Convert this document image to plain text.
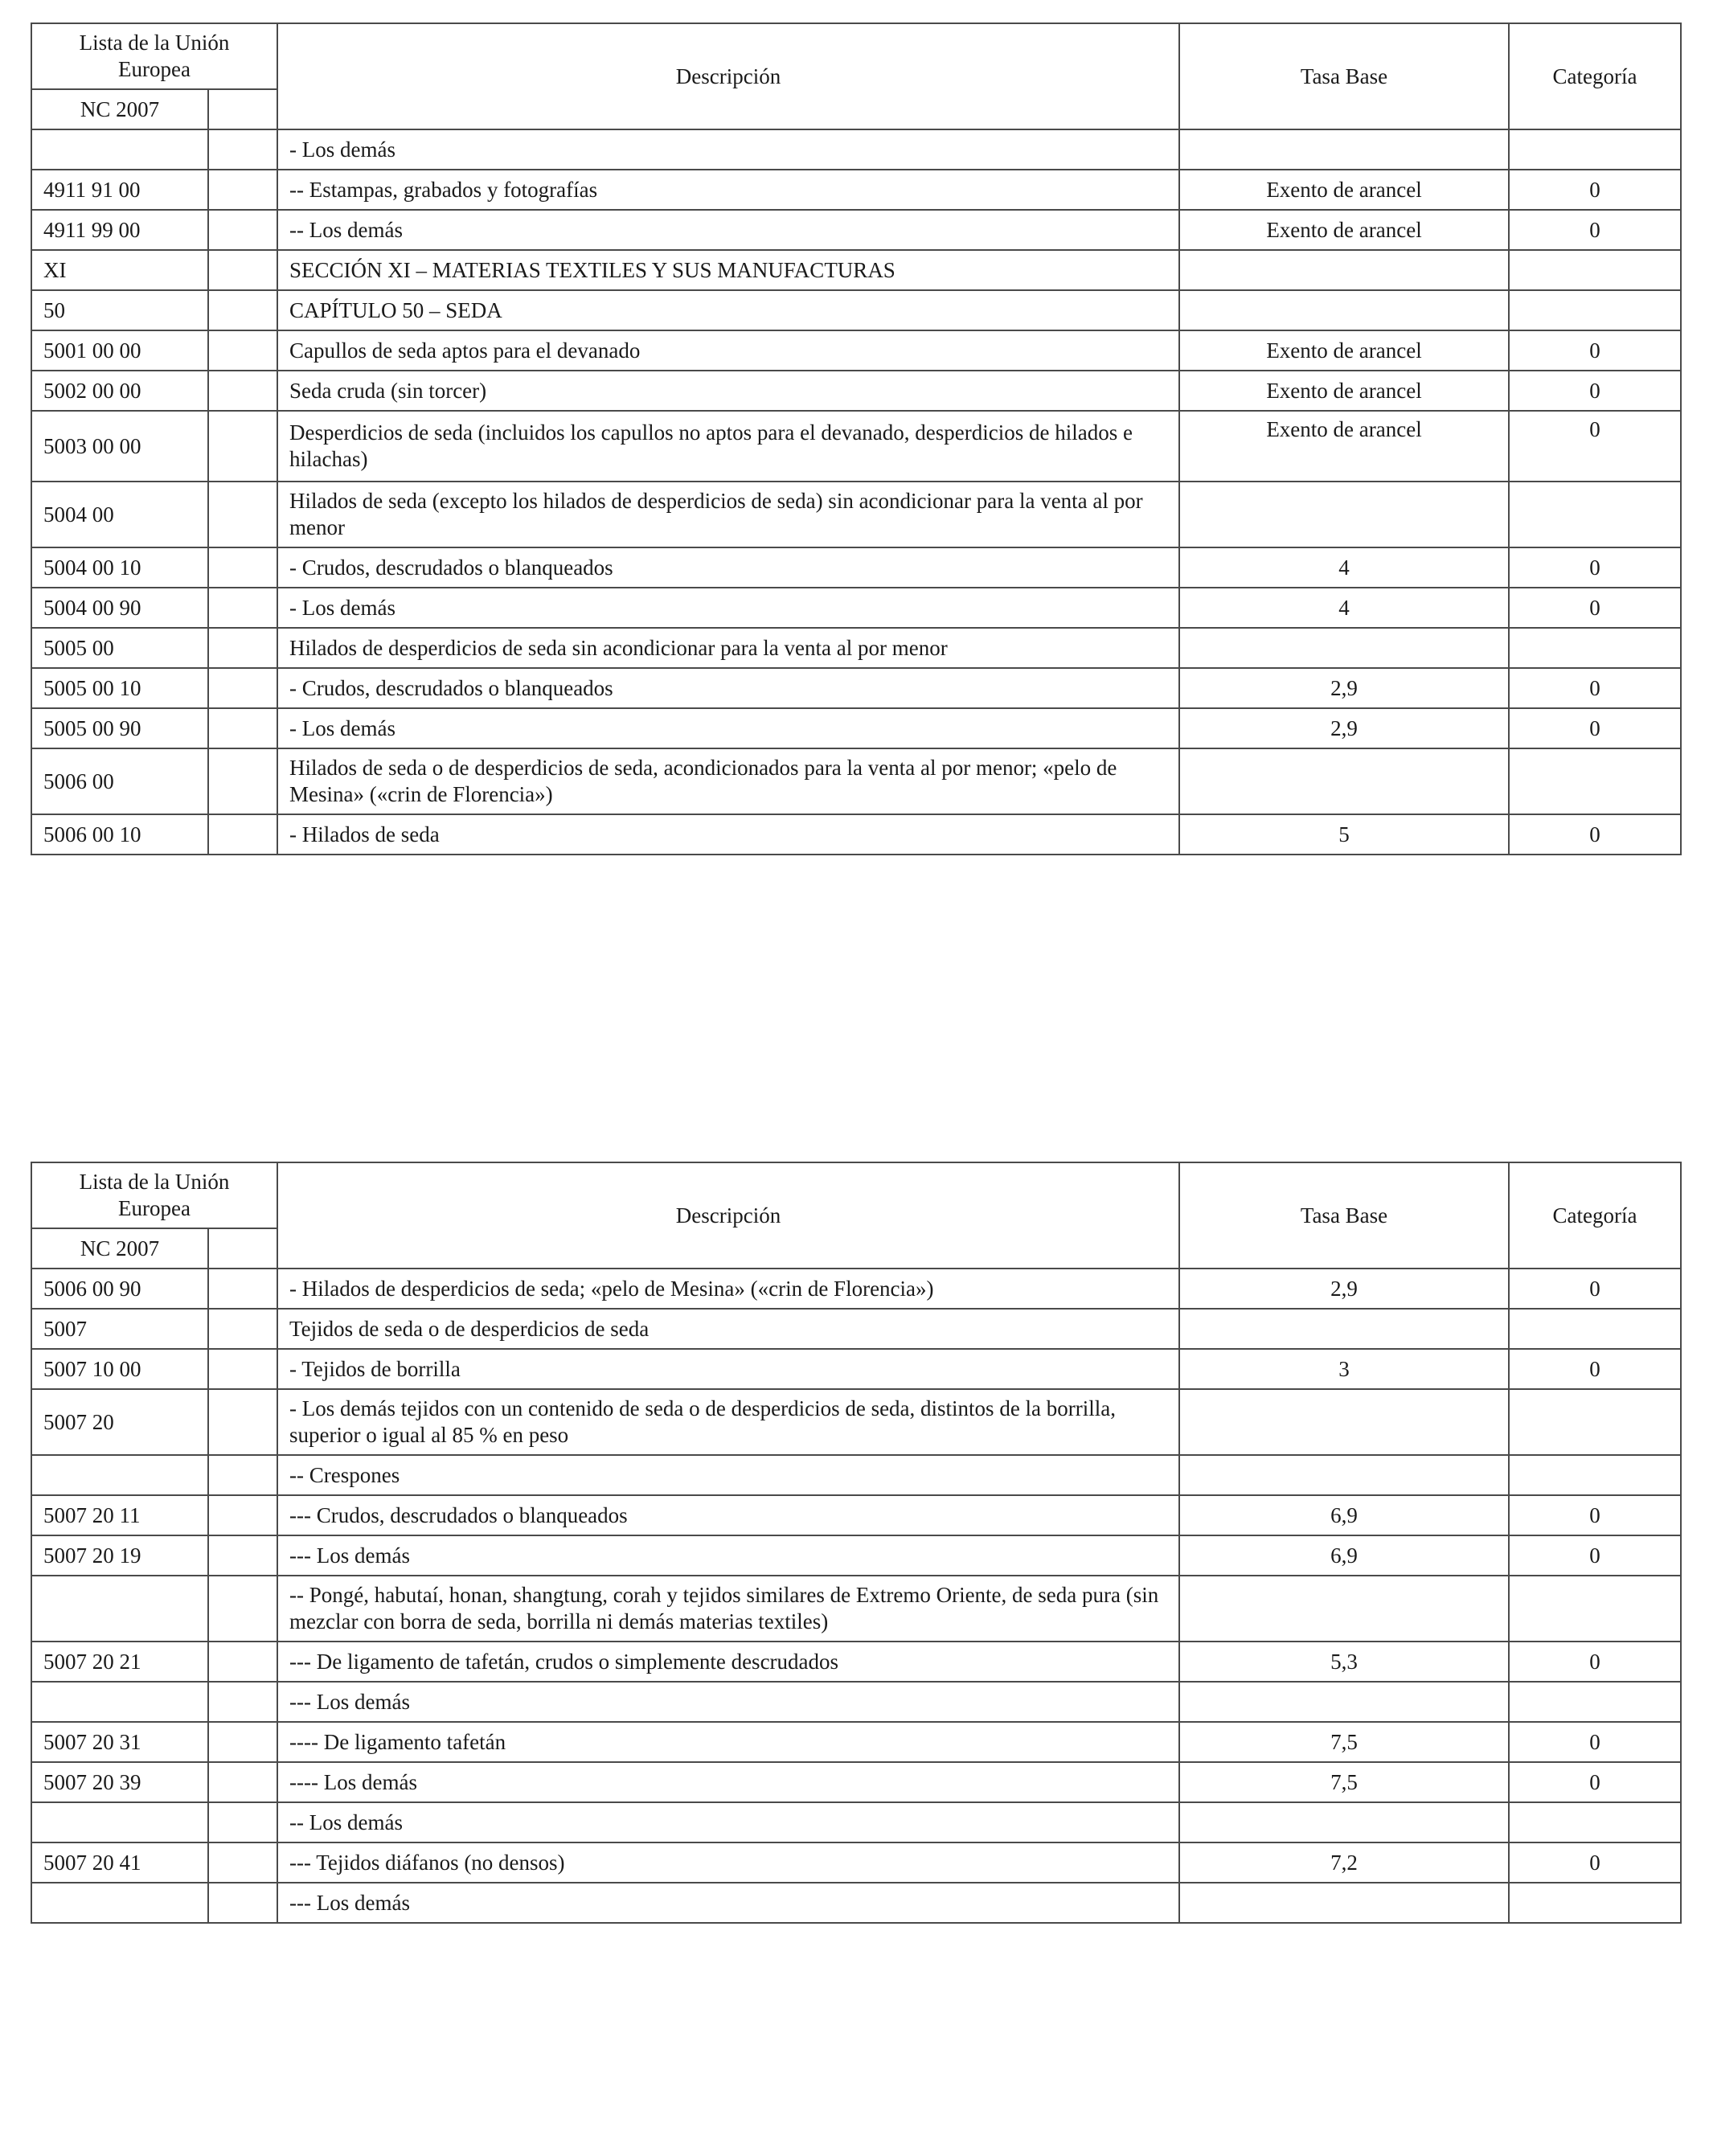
Lista de la Unión Europea		Descripción	Tasa Base	Categoría
NC 2007				
		- Los demás		
4911 91 00		-- Estampas, grabados y fotografías	Exento de arancel	0
4911 99 00		-- Los demás	Exento de arancel	0
XI		SECCIÓN XI – MATERIAS TEXTILES Y SUS MANUFACTURAS		
50		CAPÍTULO 50 – SEDA		
5001 00 00		Capullos de seda aptos para el devanado	Exento de arancel	0
5002 00 00		Seda cruda (sin torcer)	Exento de arancel	0
5003 00 00		Desperdicios de seda (incluidos los capullos no aptos para el devanado, desperdicios de hilados e hilachas)	Exento de arancel	0
5004 00		Hilados de seda (excepto los hilados de desperdicios de seda) sin acondicionar para la venta al por menor		
5004 00 10		- Crudos, descrudados o blanqueados	4	0
5004 00 90		- Los demás	4	0
5005 00		Hilados de desperdicios de seda sin acondicionar para la venta al por menor		
5005 00 10		- Crudos, descrudados o blanqueados	2,9	0
5005 00 90		- Los demás	2,9	0
5006 00		Hilados de seda o de desperdicios de seda, acondicionados para la venta al por menor; «pelo de Mesina» («crin de Florencia»)		
5006 00 10		- Hilados de seda	5	0
Lista de la Unión Europea		Descripción	Tasa Base	Categoría
NC 2007				
5006 00 90		- Hilados de desperdicios de seda; «pelo de Mesina» («crin de Florencia»)	2,9	0
5007		Tejidos de seda o de desperdicios de seda		
5007 10 00		- Tejidos de borrilla	3	0
5007 20		- Los demás tejidos con un contenido de seda o de desperdicios de seda, distintos de la borrilla, superior o igual al 85 % en peso		
		-- Crespones		
5007 20 11		--- Crudos, descrudados o blanqueados	6,9	0
5007 20 19		--- Los demás	6,9	0
		-- Pongé, habutaí, honan, shangtung, corah y tejidos similares de Extremo Oriente, de seda pura (sin mezclar con borra de seda, borrilla ni demás materias textiles)		
5007 20 21		--- De ligamento de tafetán, crudos o simplemente descrudados	5,3	0
		--- Los demás		
5007 20 31		---- De ligamento tafetán	7,5	0
5007 20 39		---- Los demás	7,5	0
		-- Los demás		
5007 20 41		--- Tejidos diáfanos (no densos)	7,2	0
		--- Los demás		
